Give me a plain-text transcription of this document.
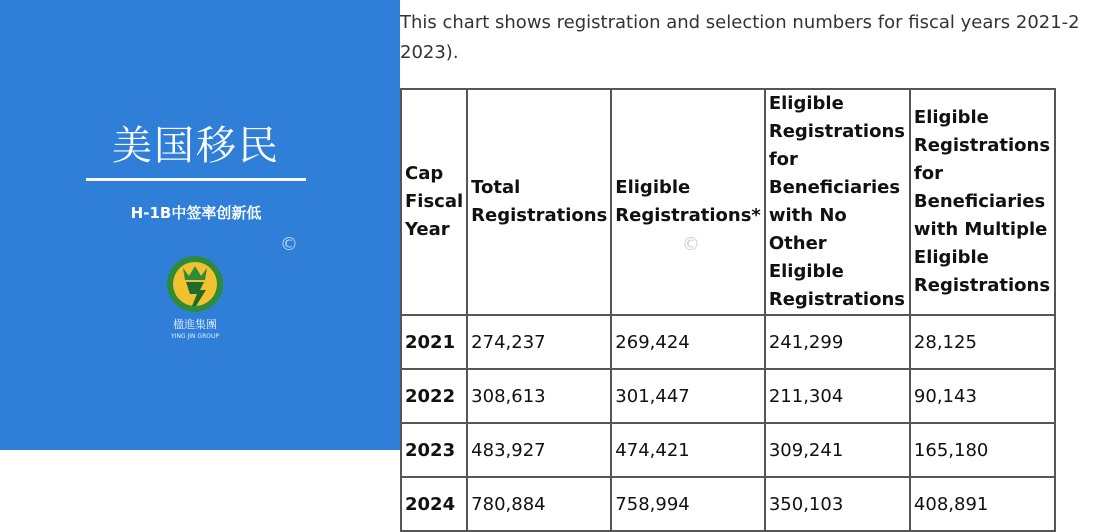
美国移民
H-1B中签率创新低
©
楹進集團
YING JIN GROUP
This chart shows registration and selection numbers for fiscal years 2021-2
2023).
Cap Fiscal Year	Total Registrations	Eligible Registrations*	Eligible Registrations for Beneficiaries with No Other Eligible Registrations	Eligible Registrations for Beneficiaries with Multiple Eligible Registrations
2021	274,237	269,424	241,299	28,125
2022	308,613	301,447	211,304	90,143
2023	483,927	474,421	309,241	165,180
2024	780,884	758,994	350,103	408,891
©
